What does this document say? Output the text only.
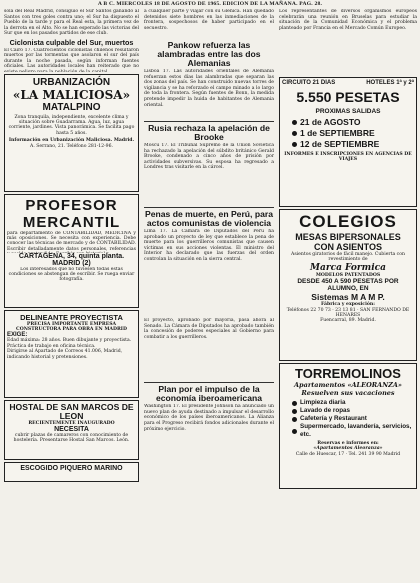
A B C. MIERCOLES 18 DE AGOSTO DE 1965. EDICION DE LA MAÑANA. PAG. 28.

sola del Real Madrid, consiguió el Sur Santos ganando al Santos con tres goles contra uno; el Sur ha dispuesto el Pueblo de la tarde y para el Real esta, la primera vez de la derrota en el Alto. No se han esperado las victorias del Sur que en los pasados partidos de ese club.

Ciclonista culpable del Sur, muertos

El Cairo 17. Cuatrocientos ciclonistas chilenos resultaron muertos por las tormentas que asolaron el sur del país durante la noche pasada, según informan fuentes oficiales. Las autoridades locales han reiterado que no

URBANIZACIÓN
«LA MALICIOSA»
MATALPINO
Zona tranquila, independiente, excelente clima y situación sobre Guadarrama. Agua, luz, agua corriente, jardines. Vista panorámica. Se facilita pago hasta 5 años.
Información en Urbanización Maliciosa. Madrid.
A. Serrano, 21. Teléfono 281-12-96.
PROFESOR
MERCANTIL
para departamento de CONTABILIDAD, MEDICINA y más oposiciones. Se necesita con experiencia. Debe conocer las técnicas de mercado y de CONTABILIDAD. Escribir detalladamente datos personales, referencias
CARTAGENA, 34, quinta planta.
MADRID (2)
Los interesados que no tuviesen todas estas condiciones se abstengan de escribir. Se ruega enviar fotografía.
DELINEANTE PROYECTISTA
PRECISA IMPORTANTE EMPRESA CONSTRUCTORA PARA OBRA EN MADRID
EXIGE:
Edad máxima: 28 años. Buen dibujante y proyectista. Práctica de trabajo en oficina técnica.
Dirigirse al Apartado de Correos 41.006, Madrid, indicando historial y pretensiones.
HOSTAL DE SAN MARCOS DE LEON
RECIENTEMENTE INAUGURADO
NECESITA
cubrir plazas de camareros con conocimiento de hostelería. Presentarse Hostal San Marcos. León.
ESCOGIDO PIQUERO MARINO

a cualquier parte y viajar con su Glénica. Han quedado detenidos siete hombres en las inmediaciones de la frontera, sospechosos de haber participado en el secuestro.

Pankow refuerza las alambradas entre las dos Alemanias

Lisboa 17. Las autoridades orientales de Alemania refuerzan estos días las alambradas que separan las dos zonas del país. Se han construido nuevas torres de vigilancia y se ha reforzado el campo minado a lo largo de toda la frontera. Según fuentes de Bonn, la medida pretende impedir la huida de habitantes de Alemania oriental.

Rusia rechaza la apelación de Brooke

Moscú 17. El Tribunal Supremo de la Unión Soviética ha rechazado la apelación del súbdito británico Gerald Brooke, condenado a cinco años de prisión por actividades subversivas. Su esposa ha regresado a Londres tras visitarle en la cárcel.

Penas de muerte, en Perú, para actos comunistas de violencia

Lima 17. La Cámara de Diputados del Perú ha aprobado un proyecto de ley que establece la pena de muerte para los guerrilleros comunistas que causen víctimas en sus acciones violentas. El ministro del Interior ha declarado que las fuerzas del orden controlan la situación en la sierra central.

El proyecto, aprobado por mayoría, pasa ahora al Senado. La Cámara de Diputados ha aprobado también la concesión de poderes especiales al Gobierno para combatir a los guerrilleros.

Plan por el impulso de la economía iberoamericana

Washington 17. El presidente Johnson ha anunciado un nuevo plan de ayuda destinado a impulsar el desarrollo económico de los países iberoamericanos. La Alianza para el Progreso recibirá fondos adicionales durante el próximo ejercicio.

Los representantes de diversos organismos europeos celebrarán una reunión en Bruselas para estudiar la situación de la Comunidad Económica y el problema planteado por Francia en el Mercado Común Europeo.

CIRCUITO 21 DIAS	HOTELES 1ª y 2ª
5.550 PESETAS
PROXIMAS SALIDAS
21 de AGOSTO
1 de SEPTIEMBRE
12 de SEPTIEMBRE
INFORMES E INSCRIPCIONES EN AGENCIAS DE VIAJES
COLEGIOS
MESAS BIPERSONALES
CON ASIENTOS
Asientos giratorios de fácil manejo. Cubierta con revestimiento de
Marca Formica
MODELOS PATENTADOS
DESDE 450 A 590 PESETAS POR ALUMNO, EN
Sistemas M A M P.
Fábrica y exposición:
Teléfonos 22 70 73 · 23 13 81 · SAN FERNANDO DE HENARES
Fuencarral, 89. Madrid.
TORREMOLINOS
Apartamentos «ALEORANZA»
Resuelven sus vacaciones
Limpieza diaria
Lavado de ropas
Cafetería y Restaurant
Supermercado, lavandería, servicios, etc.
Reservas e informes en:
«Apartamentos Aleoranza»
Calle de Huescar, 17 · Tel. 241 39 90 Madrid
